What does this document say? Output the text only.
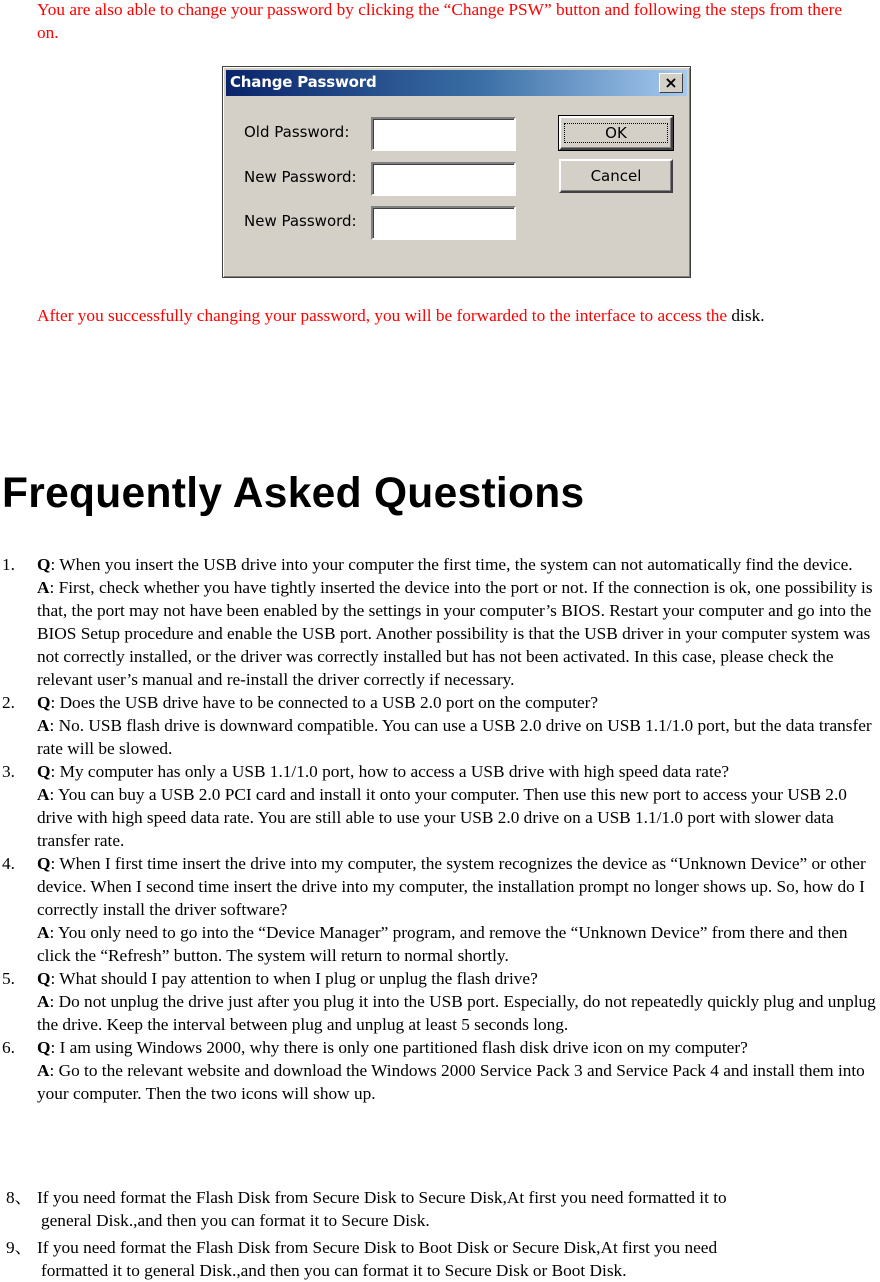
You are also able to change your password by clicking the “Change PSW” button and following the steps from there on.
Change Password	×
Old Password:
New Password:
New Password:
OK
Cancel
After you successfully changing your password, you will be forwarded to the interface to access the disk.
Frequently Asked Questions
1. Q: When you insert the USB drive into your computer the first time, the system can not automatically find the device.

A: First, check whether you have tightly inserted the device into the port or not. If the connection is ok, one possibility is that, the port may not have been enabled by the settings in your computer’s BIOS. Restart your computer and go into the BIOS Setup procedure and enable the USB port. Another possibility is that the USB driver in your computer system was not correctly installed, or the driver was correctly installed but has not been activated. In this case, please check the relevant user’s manual and re-install the driver correctly if necessary.

2. Q: Does the USB drive have to be connected to a USB 2.0 port on the computer?

A: No. USB flash drive is downward compatible. You can use a USB 2.0 drive on USB 1.1/1.0 port, but the data transfer rate will be slowed.

3. Q: My computer has only a USB 1.1/1.0 port, how to access a USB drive with high speed data rate?

A: You can buy a USB 2.0 PCI card and install it onto your computer. Then use this new port to access your USB 2.0 drive with high speed data rate. You are still able to use your USB 2.0 drive on a USB 1.1/1.0 port with slower data transfer rate.

4. Q: When I first time insert the drive into my computer, the system recognizes the device as “Unknown Device” or other device. When I second time insert the drive into my computer, the installation prompt no longer shows up. So, how do I correctly install the driver software?

A: You only need to go into the “Device Manager” program, and remove the “Unknown Device” from there and then click the “Refresh” button. The system will return to normal shortly.

5. Q: What should I pay attention to when I plug or unplug the flash drive?

A: Do not unplug the drive just after you plug it into the USB port. Especially, do not repeatedly quickly plug and unplug the drive. Keep the interval between plug and unplug at least 5 seconds long.

6. Q: I am using Windows 2000, why there is only one partitioned flash disk drive icon on my computer?

A: Go to the relevant website and download the Windows 2000 Service Pack 3 and Service Pack 4 and install them into your computer. Then the two icons will show up.

8、 If you need format the Flash Disk from Secure Disk to Secure Disk,At first you need formatted it to
general Disk.,and then you can format it to Secure Disk.
9、 If you need format the Flash Disk from Secure Disk to Boot Disk or Secure Disk,At first you need
formatted it to general Disk.,and then you can format it to Secure Disk or Boot Disk.
